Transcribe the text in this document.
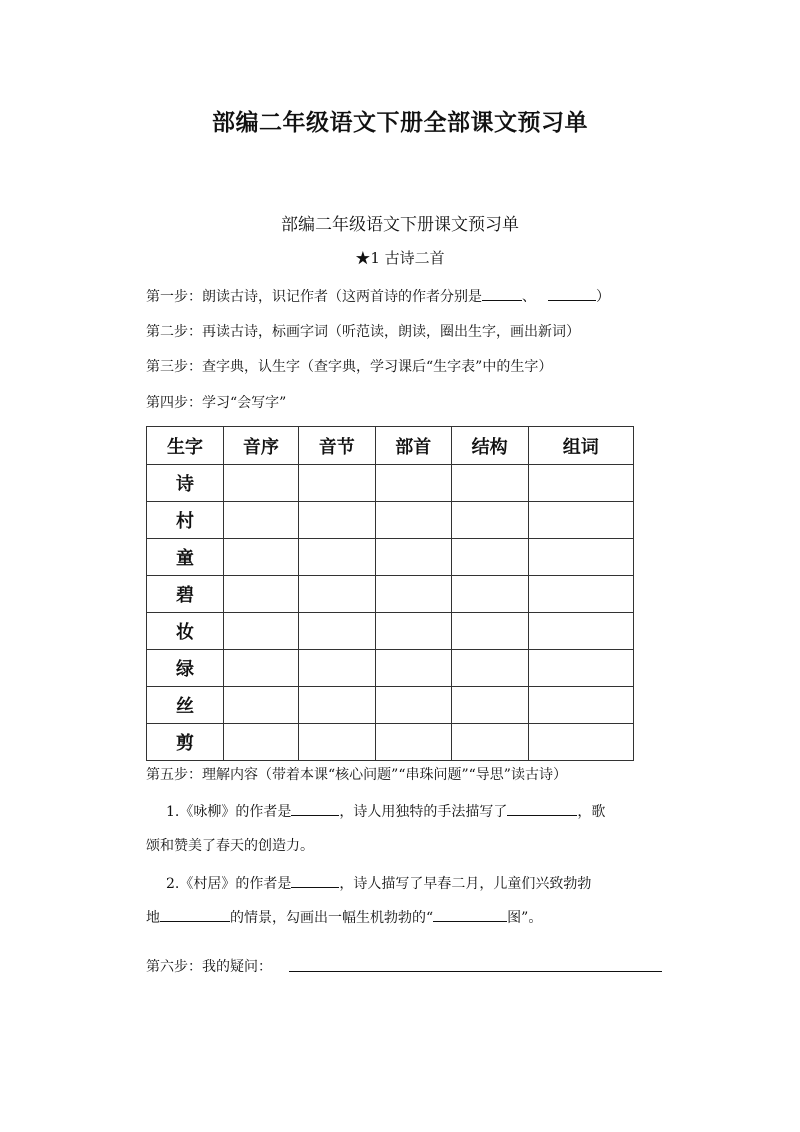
部编二年级语文下册全部课文预习单
部编二年级语文下册课文预习单
★1 古诗二首
第一步：朗读古诗，识记作者（这两首诗的作者分别是	、	）
第二步：再读古诗，标画字词（听范读，朗读，圈出生字，画出新词）
第三步：查字典，认生字（查字典，学习课后“生字表”中的生字）
第四步：学习“会写字”
生字	音序	音节	部首	结构	组词
诗					
村					
童					
碧					
妆					
绿					
丝					
剪					
第五步：理解内容（带着本课“核心问题”“串珠问题”“导思”读古诗）
1.《咏柳》的作者是	，诗人用独特的手法描写了	，歌
颂和赞美了春天的创造力。
2.《村居》的作者是	，诗人描写了早春二月，儿童们兴致勃勃
地	的情景，勾画出一幅生机勃勃的“	图”。
第六步：我的疑问：
